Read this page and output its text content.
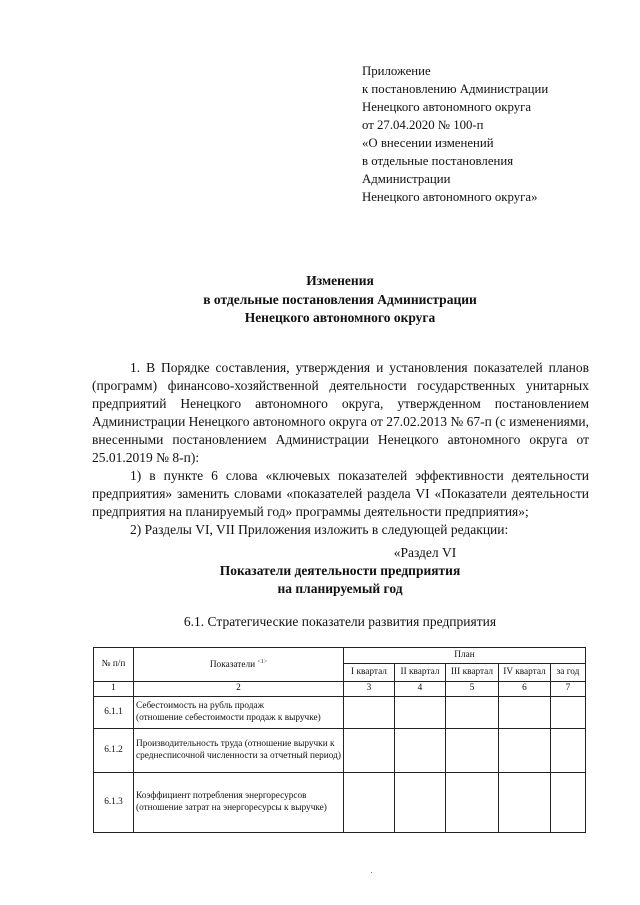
Приложение
к постановлению Администрации
Ненецкого автономного округа
от 27.04.2020 № 100-п
«О внесении изменений
в отдельные постановления
Администрации
Ненецкого автономного округа»
Изменения
в отдельные постановления Администрации
Ненецкого автономного округа

1. В Порядке составления, утверждения и установления показателей планов (программ) финансово-хозяйственной деятельности государственных унитарных предприятий Ненецкого автономного округа, утвержденном постановлением Администрации Ненецкого автономного округа от 27.02.2013 № 67-п (с изменениями, внесенными постановлением Администрации Ненецкого автономного округа от 25.01.2019 № 8-п):

1) в пункте 6 слова «ключевых показателей эффективности деятельности предприятия» заменить словами «показателей раздела VI «Показатели деятельности предприятия на планируемый год» программы деятельности предприятия»;

2) Разделы VI, VII Приложения изложить в следующей редакции:

«Раздел VI
Показатели деятельности предприятия
на планируемый год
6.1. Стратегические показатели развития предприятия
№ п/п	Показатели $^{<1>}$	План				
		I квартал	II квартал	III квартал	IV квартал	за год
1	2	3	4	5	6	7
6.1.1	Себестоимость на рубль продаж
(отношение себестоимости продаж к выручке)					

6.1.2	Производительность труда (отношение выручки к среднесписочной численности за отчетный период)					

6.1.3	Коэффициент потребления энергоресурсов
(отношение затрат на энергоресурсы к выручке)					
